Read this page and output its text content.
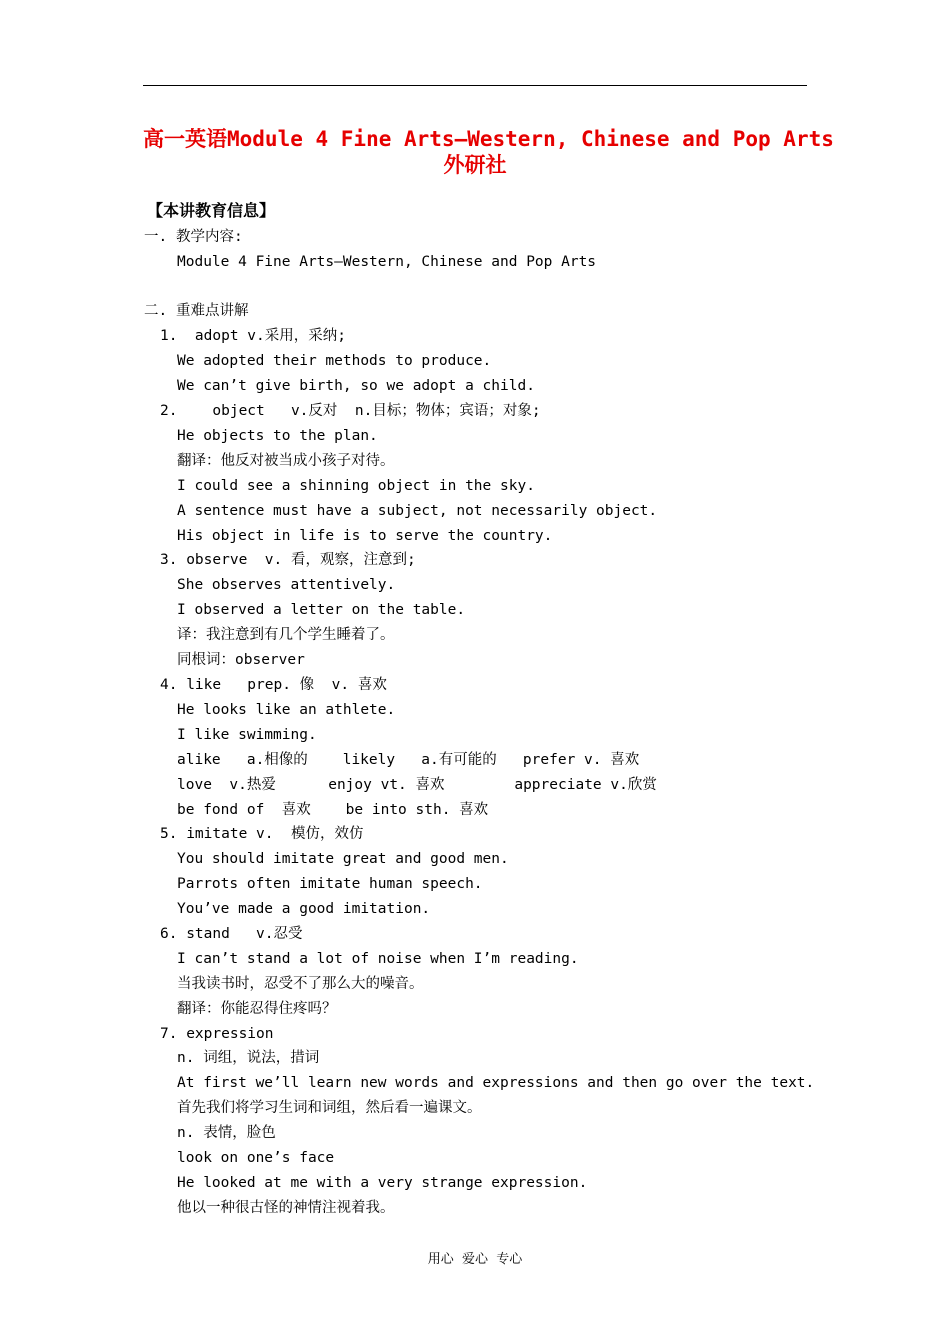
高一英语Module 4 Fine Arts—Western, Chinese and Pop Arts
外研社
【本讲教育信息】
一. 教学内容:
Module 4 Fine Arts—Western, Chinese and Pop Arts
二. 重难点讲解
1.  adopt v.采用，采纳;
We adopted their methods to produce.
We can’t give birth, so we adopt a child.
2.    object   v.反对  n.目标；物体；宾语；对象;
He objects to the plan.
翻译：他反对被当成小孩子对待。
I could see a shinning object in the sky.
A sentence must have a subject, not necessarily object.
His object in life is to serve the country.
3. observe  v. 看，观察，注意到;
She observes attentively.
I observed a letter on the table.
译：我注意到有几个学生睡着了。
同根词：observer
4. like   prep. 像  v. 喜欢
He looks like an athlete.
I like swimming.
alike   a.相像的    likely   a.有可能的   prefer v. 喜欢
love  v.热爱      enjoy vt. 喜欢        appreciate v.欣赏
be fond of  喜欢    be into sth. 喜欢
5. imitate v.  模仿，效仿
You should imitate great and good men.
Parrots often imitate human speech.
You’ve made a good imitation.
6. stand   v.忍受
I can’t stand a lot of noise when I’m reading.
当我读书时，忍受不了那么大的噪音。
翻译：你能忍得住疼吗？
7. expression
n. 词组，说法，措词
At first we’ll learn new words and expressions and then go over the text.
首先我们将学习生词和词组，然后看一遍课文。
n. 表情，脸色
look on one’s face
He looked at me with a very strange expression.
他以一种很古怪的神情注视着我。
用心  爱心  专心
